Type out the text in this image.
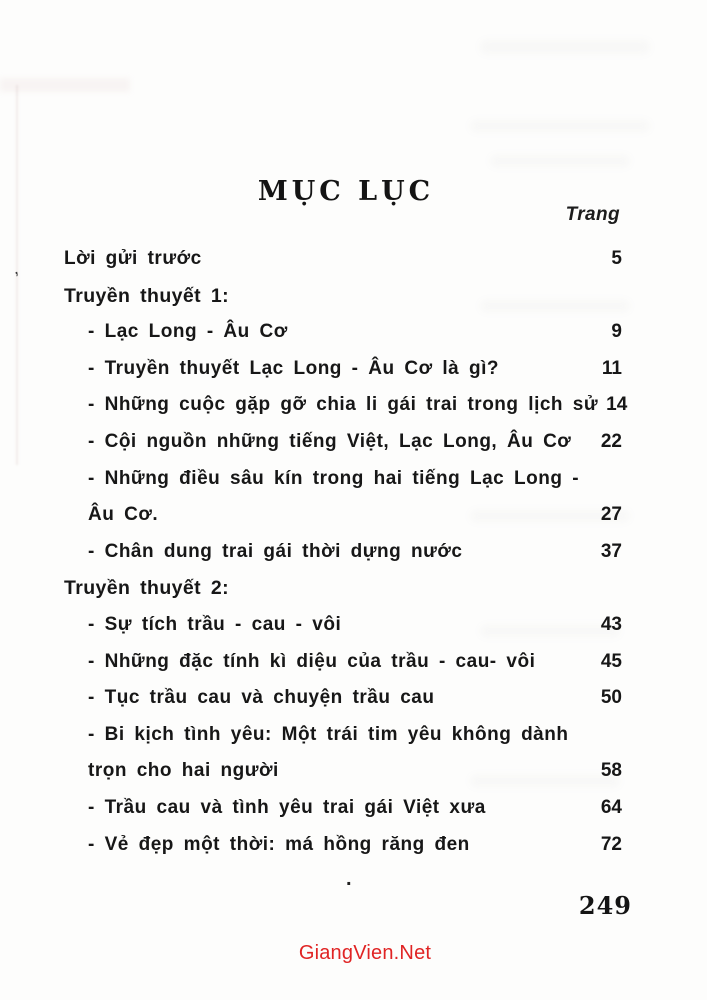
,
MỤC LỤC
Trang
Lời gửi trước	5
Truyền thuyết 1:
- Lạc Long - Âu Cơ	9
- Truyền thuyết Lạc Long - Âu Cơ là gì?	11
- Những cuộc gặp gỡ chia li gái trai trong lịch sử 14
- Cội nguồn những tiếng Việt, Lạc Long, Âu Cơ 22
- Những điều sâu kín trong hai tiếng Lạc Long -
Âu Cơ.	27
- Chân dung trai gái thời dựng nước	37
Truyền thuyết 2:
- Sự tích trầu - cau - vôi	43
- Những đặc tính kì diệu của trầu - cau- vôi	45
- Tục trầu cau và chuyện trầu cau	50
- Bi kịch tình yêu: Một trái tim yêu không dành
trọn cho hai người	58
- Trầu cau và tình yêu trai gái Việt xưa	64
- Vẻ đẹp một thời: má hồng răng đen	72
.
249
GiangVien.Net
